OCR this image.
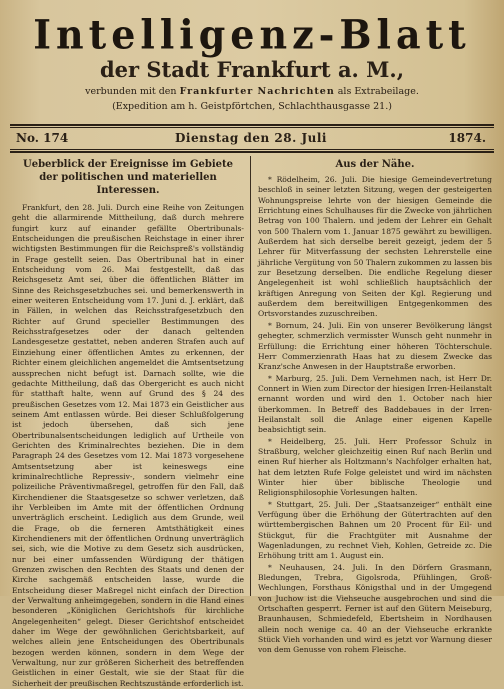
Intelligenz-Blatt
der Stadt Frankfurt a. M.,
verbunden mit den Frankfurter Nachrichten als Extrabeilage.
(Expedition am h. Geistpförtchen, Schlachthausgasse 21.)
No. 174	Dienstag den 28. Juli	1874.
Ueberblick der Ereignisse im Gebiete der politischen und materiellen Interessen.

Frankfurt, den 28. Juli. Durch eine Reihe von Zeitungen geht die allarmirende Mittheilung, daß durch mehrere fungirt kurz auf einander gefällte Obertribunals-Entscheidungen die preußischen Reichstage in einer ihrer wichtigsten Bestimmungen für die Reichspreß's vollständig in Frage gestellt seien. Das Obertribunal hat in einer Entscheidung vom 26. Mai festgestellt, daß das Reichsgesetz Amt sei, über die öffentlichen Blätter im Sinne des Reichsgesetzbuches sei. und bemerkenswerth in einer weiteren Entscheidung vom 17. Juni d. J. erklärt, daß in Fällen, in welchen das Reichsstrafgesetzbuch den Richter auf Grund specieller Bestimmungen des Reichsstrafgesetzes oder der danach geltenden Landesgesetze gestattet, neben anderen Strafen auch auf Einziehung einer öffentlichen Amtes zu erkennen, der Richter einem gleichlichen angemeldet die Amtsentsetzung aussprechen nicht befugt ist. Darnach sollte, wie die gedachte Mittheilung, daß das Obergericht es auch nicht für statthaft halte, wenn auf Grund des § 24 des preußischen Gesetzes vom 12. Mai 1873 ein Geistlicher aus seinem Amt entlassen würde. Bei dieser Schlußfolgerung ist jedoch übersehen, daß sich jene Obertribunalsentscheidungen lediglich auf Urtheile von Gerichten des Kriminalrechtes beziehen. Die in dem Paragraph 24 des Gesetzes vom 12. Mai 1873 vorgesehene Amtsentsetzung aber ist keineswegs eine kriminalrechtliche Repressiv-, sondern vielmehr eine polizeiliche Präventivmaßregel, getroffen für den Fall, daß Kirchendiener die Staatsgesetze so schwer verletzen, daß ihr Verbleiben im Amte mit der öffentlichen Ordnung unverträglich erscheint. Lediglich aus dem Grunde, weil die Frage, ob die ferneren Amtsthätigkeit eines Kirchendieners mit der öffentlichen Ordnung unverträglich sei, sich, wie die Motive zu dem Gesetz sich ausdrücken, nur bei einer umfassenden Würdigung der thätigen Grenzen zwischen den Rechten des Staats und denen der Kirche sachgemäß entscheiden lasse, wurde die Entscheidung dieser Maßregel nicht einfach der Direction der Verwaltung anheimgegeben, sondern in die Hand eines besonderen „Königlichen Gerichtshofs für kirchliche Angelegenheiten“ gelegt. Dieser Gerichtshof entscheidet daher im Wege der gewöhnlichen Gerichtsbarkeit, auf welches allein jene Entscheidungen des Obertribunals bezogen werden können, sondern in dem Wege der Verwaltung, nur zur größeren Sicherheit des betreffenden Geistlichen in einer Gestalt, wie sie der Staat für die Sicherheit der preußischen Rechtszustände erforderlich ist.

Aus der Nähe.

* Rödelheim, 26. Juli. Die hiesige Gemeindevertretung beschloß in seiner letzten Sitzung, wegen der gesteigerten Wohnungspreise lehrte von der hiesigen Gemeinde die Errichtung eines Schulhauses für die Zwecke von jährlichen Betrag von 100 Thalern. und jedem der Lehrer ein Gehalt von 500 Thalern vom 1. Januar 1875 gewährt zu bewilligen. Außerdem hat sich derselbe bereit gezeigt, jedem der 5 Lehrer für Mitverfassung der sechsten Lehrerstelle eine jährliche Vergütung von 50 Thalern zukommen zu lassen bis zur Besetzung derselben. Die endliche Regelung dieser Angelegenheit ist wohl schließlich hauptsächlich der kräftigen Anregung von Seiten der Kgl. Regierung und außerdem dem bereitwilligen Entgegenkommen des Ortsvorstandes zuzuschreiben.

* Bornum, 24. Juli. Ein von unserer Bevölkerung längst gehegter, schmerzlich vermisster Wunsch geht nunmehr in Erfüllung: die Errichtung einer höheren Töchterschule. Herr Commerzienrath Haas hat zu diesem Zwecke das Kranz'sche Anwesen in der Hauptstraße erworben.

* Marburg, 25. Juli. Dem Vernehmen nach, ist Herr Dr. Connert in Wien zum Director der hiesigen Irren-Heilanstalt ernannt worden und wird den 1. October nach hier überkommen. In Betreff des Baddebaues in der Irren-Heilanstalt soll die Anlage einer eigenen Kapelle beabsichtigt sein.

* Heidelberg, 25. Juli. Herr Professor Schulz in Straßburg, welcher gleichzeitig einen Ruf nach Berlin und einen Ruf hierher als Holtzmann's Nachfolger erhalten hat, hat dem letzten Rufe Folge geleistet und wird im nächsten Winter hier über biblische Theologie und Religionsphilosophie Vorlesungen halten.

* Stuttgart, 25. Juli. Der „Staatsanzeiger“ enthält eine Verfügung über die Erhöhung der Gütertrachten auf den württembergischen Bahnen um 20 Procent für Eil- und Stückgut, für die Frachtgüter mit Ausnahme der Wagenladungen, zu rechnet Vieh, Kohlen, Getreide zc. Die Erhöhung tritt am 1. August ein.

* Neuhausen, 24. Juli. In den Dörfern Grasmann, Bledungen, Trebra, Gigolsroda, Pfühlingen, Groß-Wechlungen, Forsthaus Königsthal und in der Umgegend von Juchow ist die Viehseuche ausgebrochen und sind die Ortschaften gesperrt. Ferner ist auf den Gütern Meiseburg, Braunhausen, Schmiedefeld, Ebertsheim in Nordhausen allein noch wenige ca. 40 an der Viehseuche erkrankte Stück Vieh vorhanden und wird es jetzt vor Warnung dieser von dem Genusse von rohem Fleische.
